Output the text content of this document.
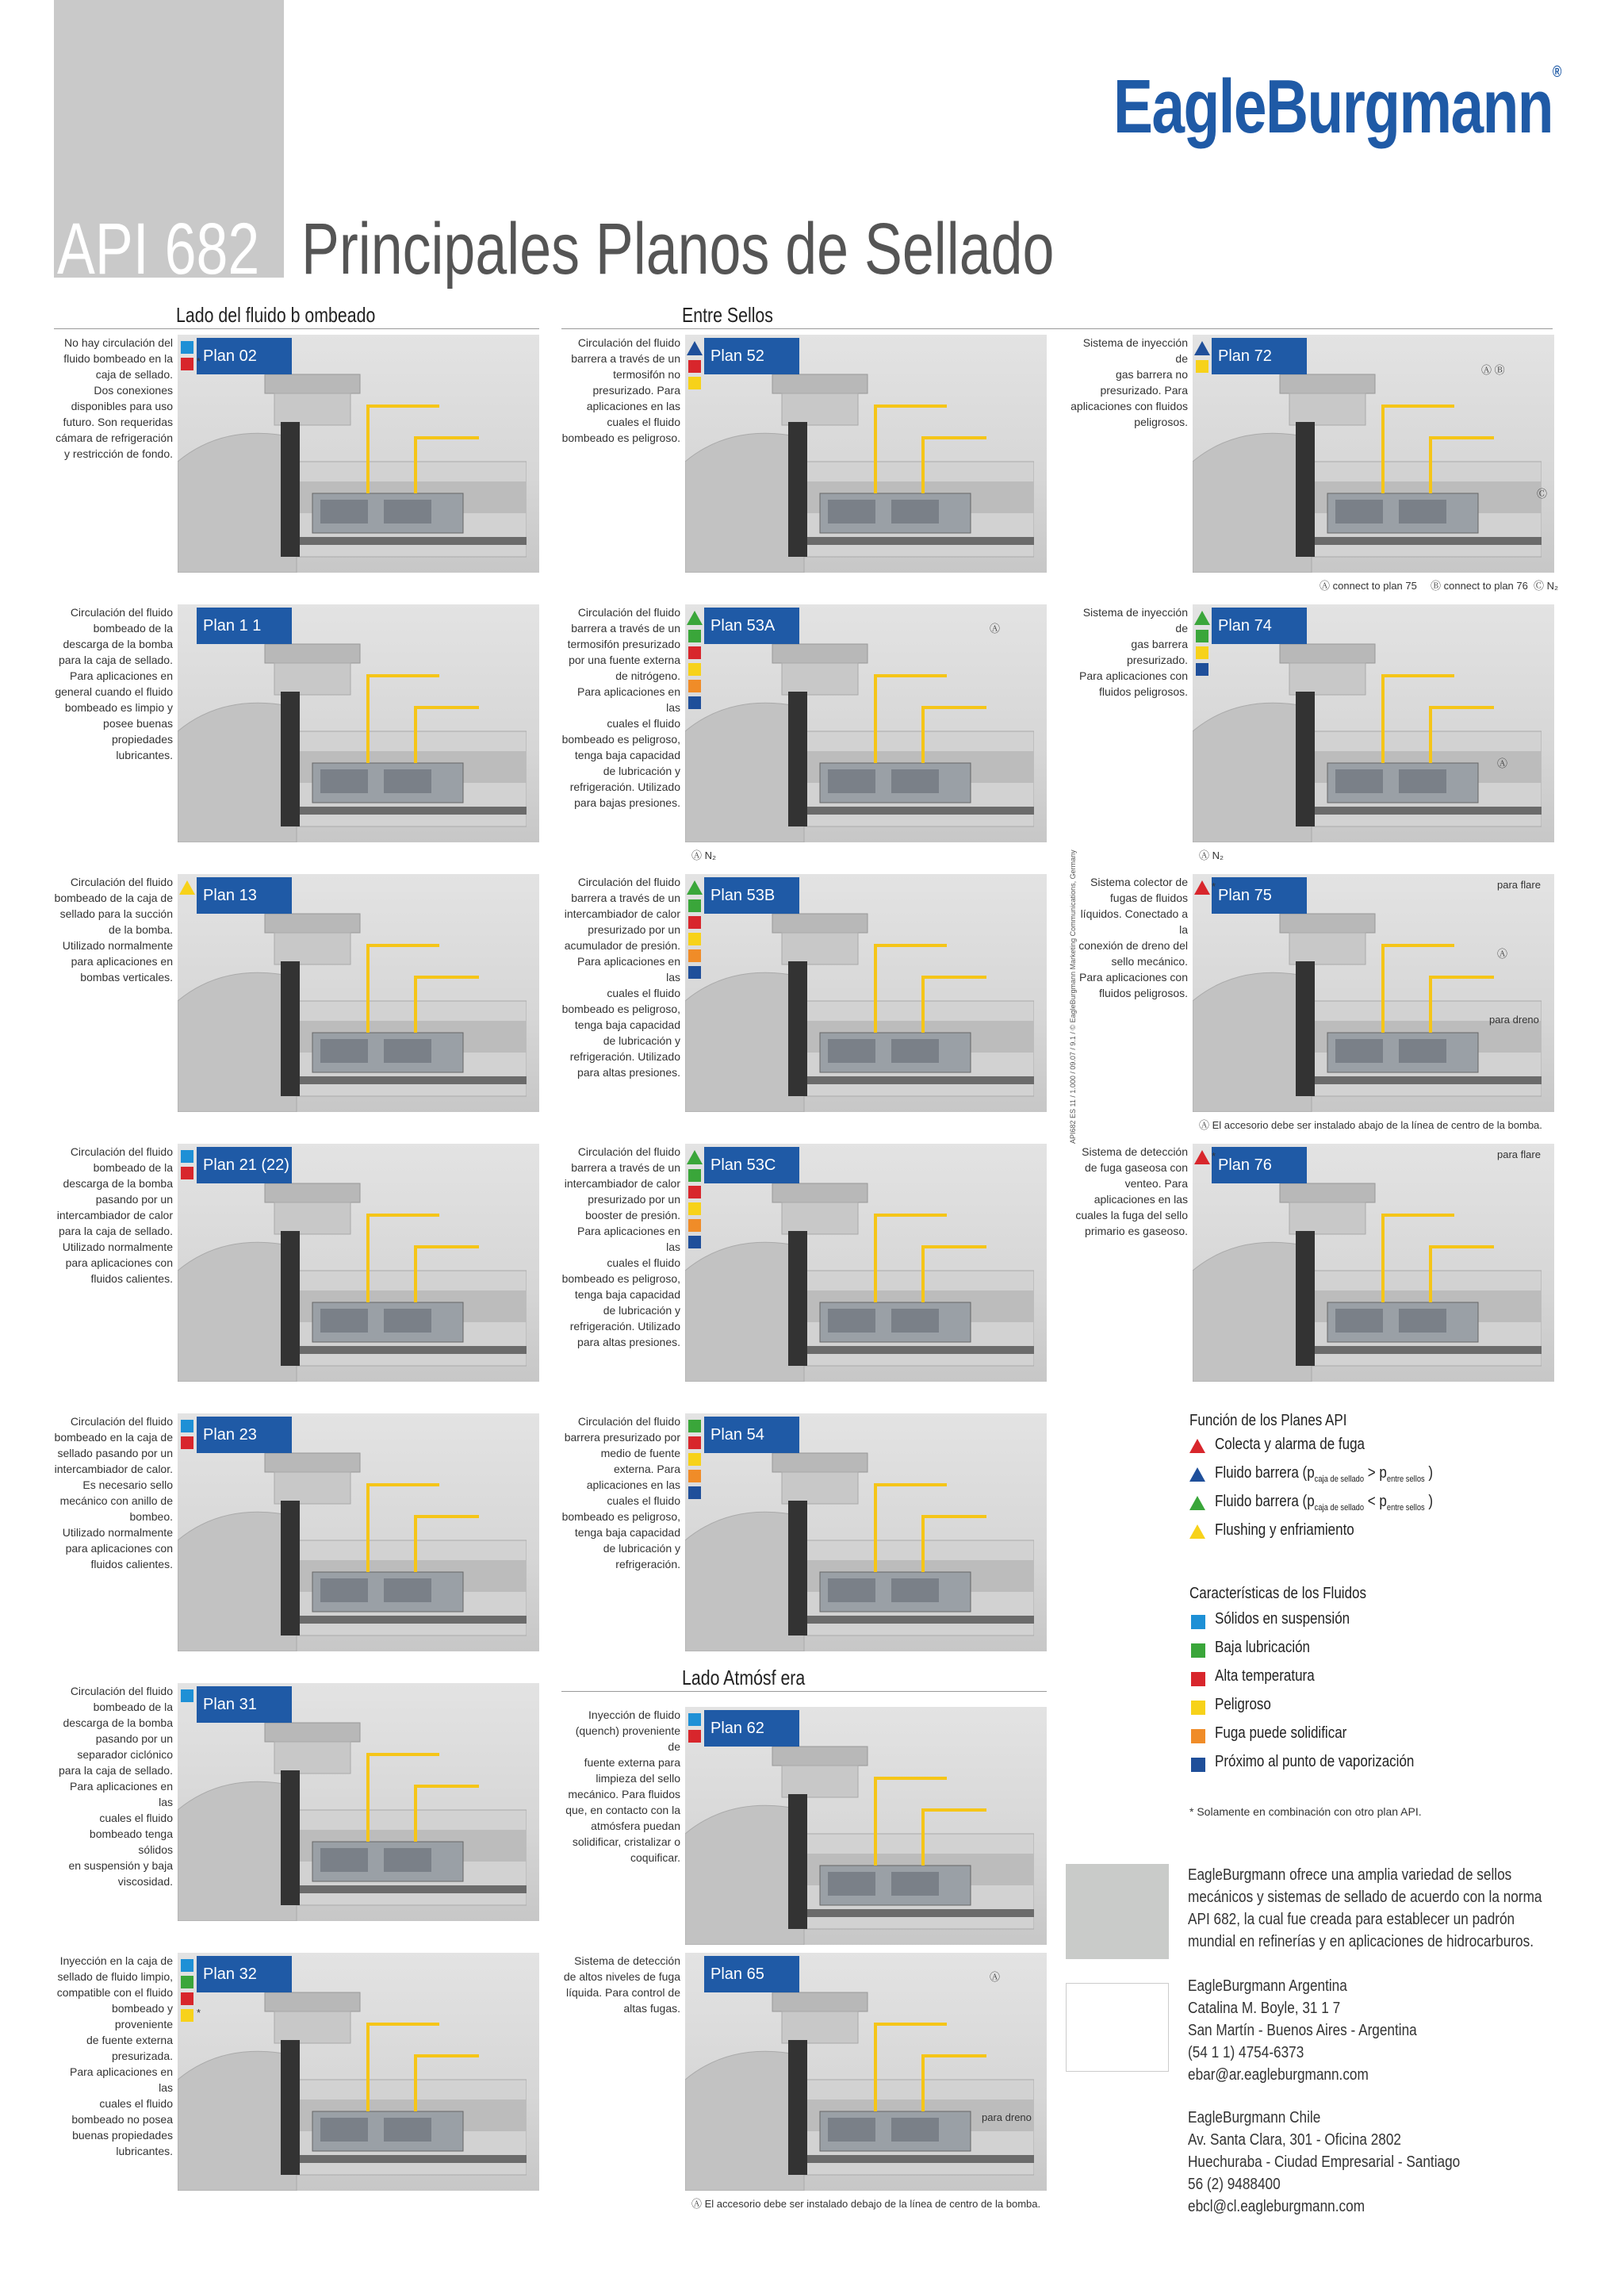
EagleBurgmann®
API 682 Principales Planos de Sellado
Lado del fluido b ombeado	Entre Sellos
Lado Atmósf era
No hay circulación del
fluido bombeado en la
caja de sellado.
Dos conexiones
disponibles para uso
futuro. Son requeridas
cámara de refrigeración
y restricción de fondo.
Plan 02
*
Circulación del fluido
bombeado de la
descarga de la bomba
para la caja de sellado.
Para aplicaciones en
general cuando el fluido
bombeado es limpio y
posee buenas
propiedades lubricantes.
Plan 1 1
Circulación del fluido
bombeado de la caja de
sellado para la succión
de la bomba.
Utilizado normalmente
para aplicaciones en
bombas verticales.
Plan 13
Circulación del fluido
bombeado de la
descarga de la bomba
pasando por un
intercambiador de calor
para la caja de sellado.
Utilizado normalmente
para aplicaciones con
fluidos calientes.
Plan 21 (22)
Circulación del fluido
bombeado en la caja de
sellado pasando por un
intercambiador de calor.
Es necesario sello
mecánico con anillo de
bombeo.
Utilizado normalmente
para aplicaciones con
fluidos calientes.
Plan 23
Circulación del fluido
bombeado de la
descarga de la bomba
pasando por un
separador ciclónico
para la caja de sellado.
Para aplicaciones en las
cuales el fluido
bombeado tenga sólidos
en suspensión y baja
viscosidad.
Plan 31
Inyección en la caja de
sellado de fluido limpio,
compatible con el fluido
bombeado y proveniente
de fuente externa
presurizada.
Para aplicaciones en las
cuales el fluido
bombeado no posea
buenas propiedades
lubricantes.
Plan 32
*
Circulación del fluido
barrera a través de un
termosifón no
presurizado. Para
aplicaciones en las
cuales el fluido
bombeado es peligroso.
Plan 52
Circulación del fluido
barrera a través de un
termosifón presurizado
por una fuente externa
de nitrógeno.
Para aplicaciones en las
cuales el fluido
bombeado es peligroso,
tenga baja capacidad
de lubricación y
refrigeración. Utilizado
para bajas presiones.
Plan 53A
Ⓐ N₂
Ⓐ
Circulación del fluido
barrera a través de un
intercambiador de calor
presurizado por un
acumulador de presión.
Para aplicaciones en las
cuales el fluido
bombeado es peligroso,
tenga baja capacidad
de lubricación y
refrigeración. Utilizado
para altas presiones.
Plan 53B
Circulación del fluido
barrera a través de un
intercambiador de calor
presurizado por un
booster de presión.
Para aplicaciones en las
cuales el fluido
bombeado es peligroso,
tenga baja capacidad
de lubricación y
refrigeración. Utilizado
para altas presiones.
Plan 53C
Circulación del fluido
barrera presurizado por
medio de fuente
externa. Para
aplicaciones en las
cuales el fluido
bombeado es peligroso,
tenga baja capacidad
de lubricación y
refrigeración.
Plan 54
Inyección de fluido
(quench) proveniente de
fuente externa para
limpieza del sello
mecánico. Para fluidos
que, en contacto con la
atmósfera puedan
solidificar, cristalizar o
coquificar.
Plan 62
Sistema de detección
de altos niveles de fuga
líquida. Para control de
altas fugas.
Plan 65
Ⓐ El accesorio debe ser instalado debajo de la línea de centro de la bomba.
Ⓐ
para dreno
Sistema de inyección de
gas barrera no
presurizado. Para
aplicaciones con fluidos
peligrosos.
Plan 72
Ⓐ connect to plan 75 Ⓑ connect to plan 76 Ⓒ N₂
Ⓐ Ⓑ
Ⓒ
Sistema de inyección de
gas barrera presurizado.
Para aplicaciones con
fluidos peligrosos.
Plan 74
Ⓐ N₂
Ⓐ
Sistema colector de
fugas de fluidos
líquidos. Conectado a la
conexión de dreno del
sello mecánico.
Para aplicaciones con
fluidos peligrosos.
Plan 75
*
Ⓐ El accesorio debe ser instalado abajo de la línea de centro de la bomba.
Ⓐ
para flare
para dreno
Sistema de detección
de fuga gaseosa con
venteo. Para
aplicaciones en las
cuales la fuga del sello
primario es gaseoso.
Plan 76
*	para flare
API682 ES 11 / 1.000 / 09.07 / 9.1 / © EagleBurgmann Marketing Communications, Germany
Función de los Planes API
Colecta y alarma de fuga
Fluido barrera ($p_{caja de sellado} > p_{entre sellos}$ )
Fluido barrera ($p_{caja de sellado} < p_{entre sellos}$ )
Flushing y enfriamiento
Características de los Fluidos
Sólidos en suspensión
Baja lubricación
Alta temperatura
Peligroso
Fuga puede solidificar
Próximo al punto de vaporización
* Solamente en combinación con otro plan API.
EagleBurgmann ofrece una amplia variedad de sellos
mecánicos y sistemas de sellado de acuerdo con la norma
API 682, la cual fue creada para establecer un padrón
mundial en refinerías y en aplicaciones de hidrocarburos.
EagleBurgmann Argentina
Catalina M. Boyle, 31 1 7
San Martín - Buenos Aires - Argentina
(54 1 1) 4754-6373
ebar@ar.eagleburgmann.com
EagleBurgmann Chile
Av. Santa Clara, 301 - Oficina 2802
Huechuraba - Ciudad Empresarial - Santiago
56 (2) 9488400
ebcl@cl.eagleburgmann.com
